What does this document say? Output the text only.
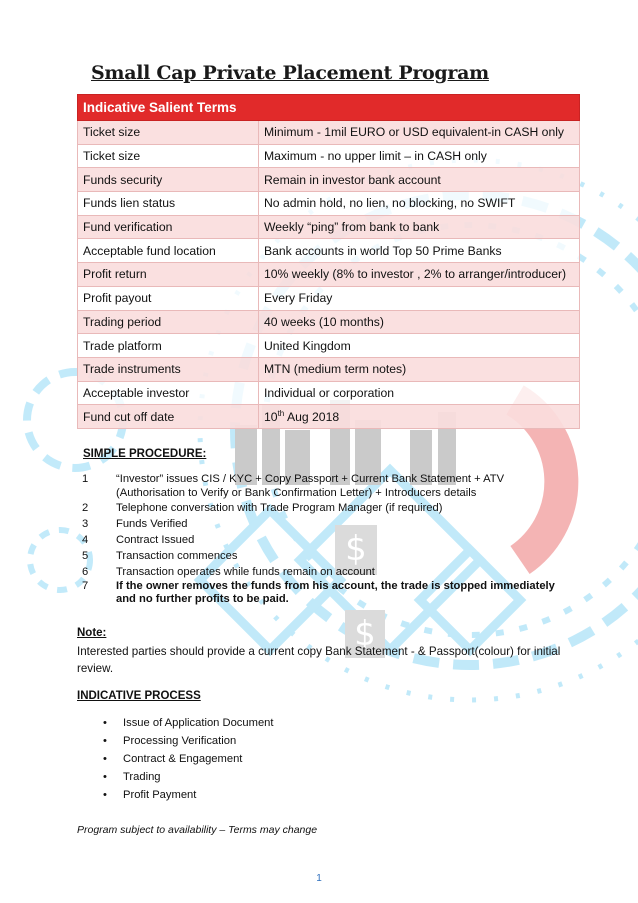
$
$
Small Cap Private Placement Program
Indicative Salient Terms	
Ticket size	Minimum - 1mil EURO or USD equivalent-in CASH only
Ticket size	Maximum - no upper limit – in CASH only
Funds security	Remain in investor bank account
Funds lien status	No admin hold, no lien, no blocking, no SWIFT
Fund verification	Weekly “ping” from bank to bank
Acceptable fund location	Bank accounts in world Top 50 Prime Banks
Profit return	10% weekly (8% to investor , 2% to arranger/introducer)
Profit payout	Every Friday
Trading period	40 weeks (10 months)
Trade platform	United Kingdom
Trade instruments	MTN (medium term notes)
Acceptable investor	Individual or corporation
Fund cut off date	10th Aug 2018
SIMPLE PROCEDURE:
1	“Investor” issues CIS / KYC + Copy Passport + Current Bank Statement + ATV
(Authorisation to Verify or Bank Confirmation Letter) + Introducers details
2	Telephone conversation with Trade Program Manager (if required)
3	Funds Verified
4	Contract Issued
5	Transaction commences
6	Transaction operates while funds remain on account
7	If the owner removes the funds from his account, the trade is stopped immediately
and no further profits to be paid.
Note:
Interested parties should provide a current copy Bank Statement - & Passport(colour) for initial review.
INDICATIVE PROCESS
•	Issue of Application Document
•	Processing Verification
•	Contract & Engagement
•	Trading
•	Profit Payment
Program subject to availability – Terms may change
1
